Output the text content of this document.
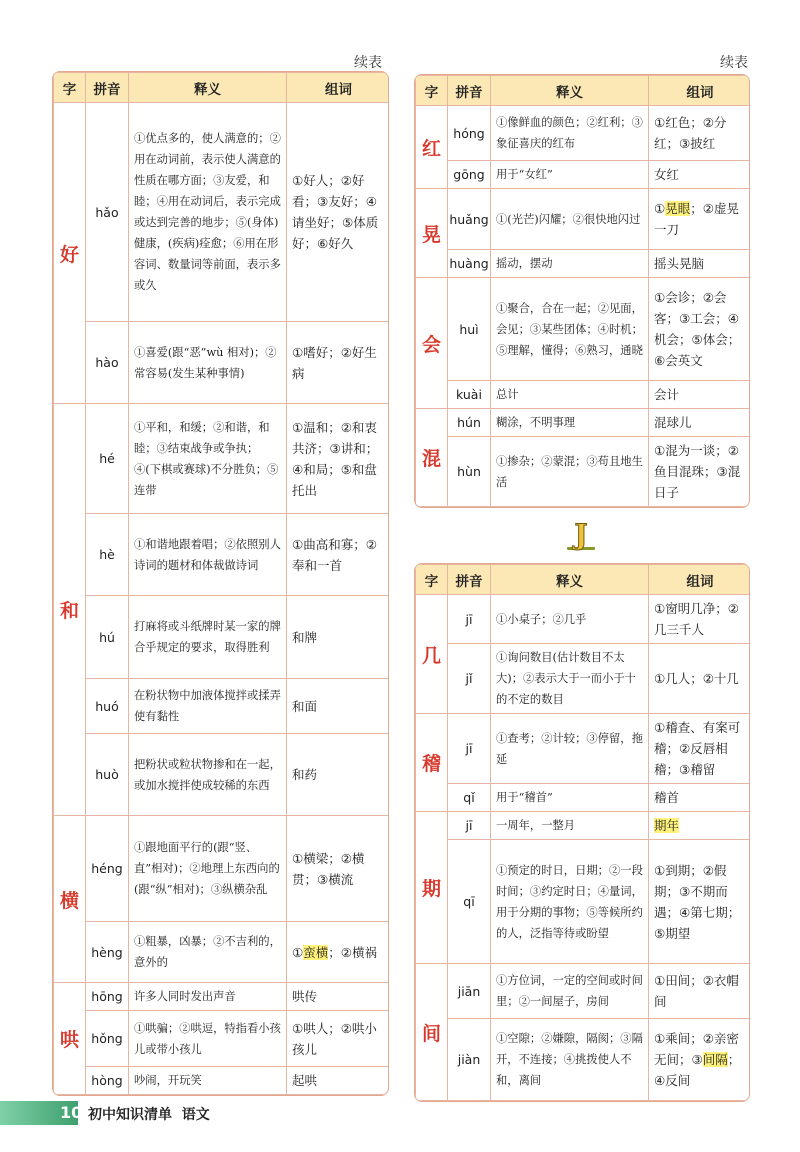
续表	续表
字	拼音	释义	组词
好	hǎo	①优点多的，使人满意的；②用在动词前，表示使人满意的性质在哪方面；③友爱，和睦；④用在动词后，表示完成或达到完善的地步；⑤(身体)健康，(疾病)痊愈；⑥用在形容词、数量词等前面，表示多或久	①好人；②好看；③友好；④请坐好；⑤体质好；⑥好久
	hào	①喜爱(跟“恶”wù 相对)；②常容易(发生某种事情)	①嗜好；②好生病
和	hé	①平和，和缓；②和谐，和睦；③结束战争或争执；④(下棋或赛球)不分胜负；⑤连带	①温和；②和衷共济；③讲和；④和局；⑤和盘托出
	hè	①和谐地跟着唱；②依照别人诗词的题材和体裁做诗词	①曲高和寡；②奉和一首
	hú	打麻将或斗纸牌时某一家的牌合乎规定的要求，取得胜利	和牌
	huó	在粉状物中加液体搅拌或揉弄使有黏性	和面
	huò	把粉状或粒状物掺和在一起，或加水搅拌使成较稀的东西	和药
横	héng	①跟地面平行的(跟“竖、直”相对)；②地理上东西向的(跟“纵”相对)；③纵横杂乱	①横梁；②横贯；③横流
	hèng	①粗暴，凶暴；②不吉利的，意外的	①蛮横；②横祸
哄	hōng	许多人同时发出声音	哄传
	hǒng	①哄骗；②哄逗，特指看小孩儿或带小孩儿	①哄人；②哄小孩儿
	hòng	吵闹，开玩笑	起哄
字	拼音	释义	组词
红	hóng	①像鲜血的颜色；②红利；③象征喜庆的红布	①红色；②分红；③披红
	gōng	用于“女红”	女红
晃	huǎng	①(光芒)闪耀；②很快地闪过	①晃眼；②虚晃一刀
	huàng	摇动，摆动	摇头晃脑
会	huì	①聚合，合在一起；②见面，会见；③某些团体；④时机；⑤理解，懂得；⑥熟习，通晓	①会诊；②会客；③工会；④机会；⑤体会；⑥会英文
	kuài	总计	会计
混	hún	糊涂，不明事理	混球儿
	hùn	①掺杂；②蒙混；③苟且地生活	①混为一谈；②鱼目混珠；③混日子
J
字	拼音	释义	组词
几	jī	①小桌子；②几乎	①窗明几净；②几三千人
	jǐ	①询问数目(估计数目不太大)；②表示大于一而小于十的不定的数目	①几人；②十几
稽	jī	①查考；②计较；③停留，拖延	①稽查、有案可稽；②反唇相稽；③稽留
	qǐ	用于“稽首”	稽首
期	jī	一周年，一整月	期年
	qī	①预定的时日，日期；②一段时间；③约定时日；④量词，用于分期的事物；⑤等候所约的人，泛指等待或盼望	①到期；②假期；③不期而遇；④第七期；⑤期望
间	jiān	①方位词，一定的空间或时间里；②一间屋子，房间	①田间；②衣帽间
	jiàn	①空隙；②嫌隙，隔阂；③隔开，不连接；④挑拨使人不和，离间	①乘间；②亲密无间；③间隔；④反间
10 初中知识清单 语文
